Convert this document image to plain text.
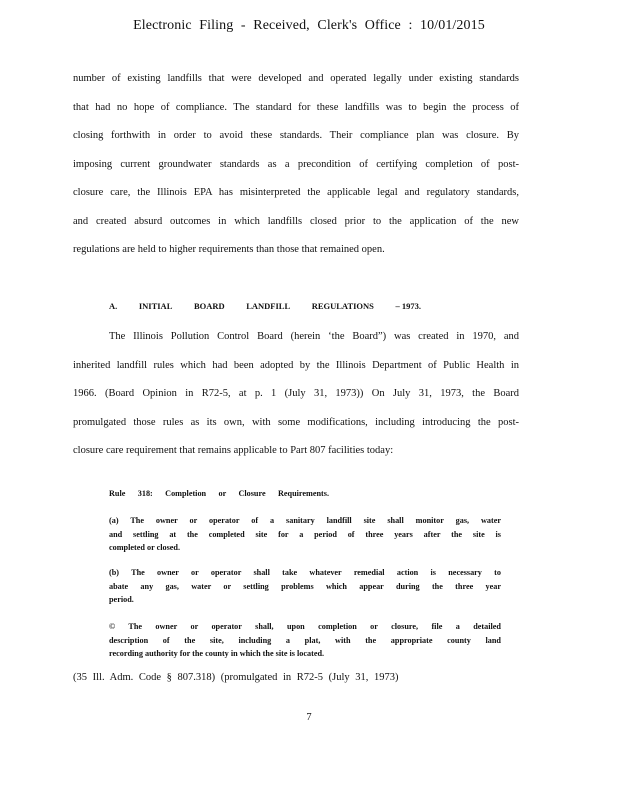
Electronic Filing - Received, Clerk's Office : 10/01/2015
number of existing landfills that were developed and operated legally under existing standards
that had no hope of compliance. The standard for these landfills was to begin the process of
closing forthwith in order to avoid these standards. Their compliance plan was closure. By
imposing current groundwater standards as a precondition of certifying completion of post-
closure care, the Illinois EPA has misinterpreted the applicable legal and regulatory standards,
and created absurd outcomes in which landfills closed prior to the application of the new
regulations are held to higher requirements than those that remained open.
A.	INITIAL	BOARD	LANDFILL	REGULATIONS	– 1973.
The Illinois Pollution Control Board (herein ‘the Board”) was created in 1970, and
inherited landfill rules which had been adopted by the Illinois Department of Public Health in
1966. (Board Opinion in R72-5, at p. 1 (July 31, 1973)) On July 31, 1973, the Board
promulgated those rules as its own, with some modifications, including introducing the post-
closure care requirement that remains applicable to Part 807 facilities today:
Rule 318: Completion or Closure Requirements.
(a) The owner or operator of a sanitary landfill site shall monitor gas, water
and settling at the completed site for a period of three years after the site is
completed or closed.
(b) The owner or operator shall take whatever remedial action is necessary to
abate any gas, water or settling problems which appear during the three year
period.
© The owner or operator shall, upon completion or closure, file a detailed
description of the site, including a plat, with the appropriate county land
recording authority for the county in which the site is located.
(35 Ill. Adm. Code § 807.318) (promulgated in R72-5 (July 31, 1973)
7
